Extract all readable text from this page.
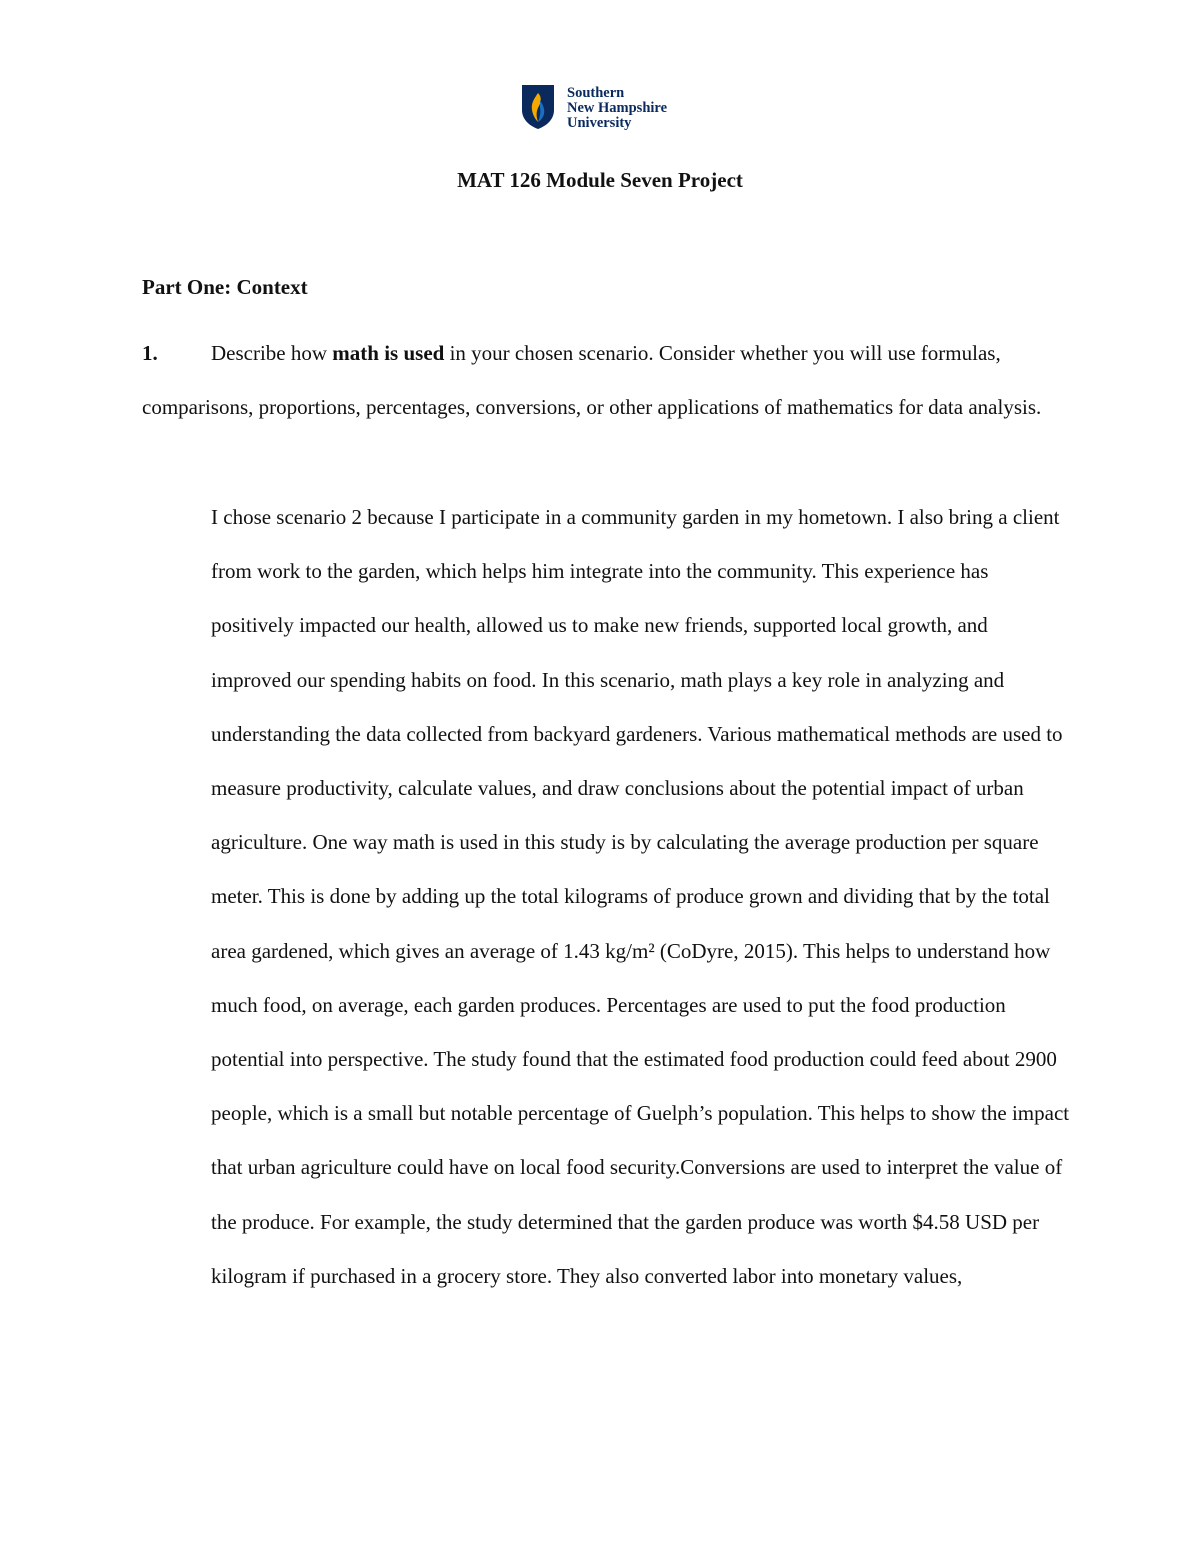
Southern
New Hampshire
University
MAT 126 Module Seven Project
Part One: Context

1.	Describe how math is used in your chosen scenario. Consider whether you will use formulas, comparisons, proportions, percentages, conversions, or other applications of mathematics for data analysis.

I chose scenario 2 because I participate in a community garden in my hometown. I also bring a client from work to the garden, which helps him integrate into the community. This experience has positively impacted our health, allowed us to make new friends, supported local growth, and improved our spending habits on food. In this scenario, math plays a key role in analyzing and understanding the data collected from backyard gardeners. Various mathematical methods are used to measure productivity, calculate values, and draw conclusions about the potential impact of urban agriculture. One way math is used in this study is by calculating the average production per square meter. This is done by adding up the total kilograms of produce grown and dividing that by the total area gardened, which gives an average of 1.43 kg/m² (CoDyre, 2015). This helps to understand how much food, on average, each garden produces. Percentages are used to put the food production potential into perspective. The study found that the estimated food production could feed about 2900 people, which is a small but notable percentage of Guelph’s population. This helps to show the impact that urban agriculture could have on local food security.Conversions are used to interpret the value of the produce. For example, the study determined that the garden produce was worth $4.58 USD per kilogram if purchased in a grocery store. They also converted labor into monetary values,
